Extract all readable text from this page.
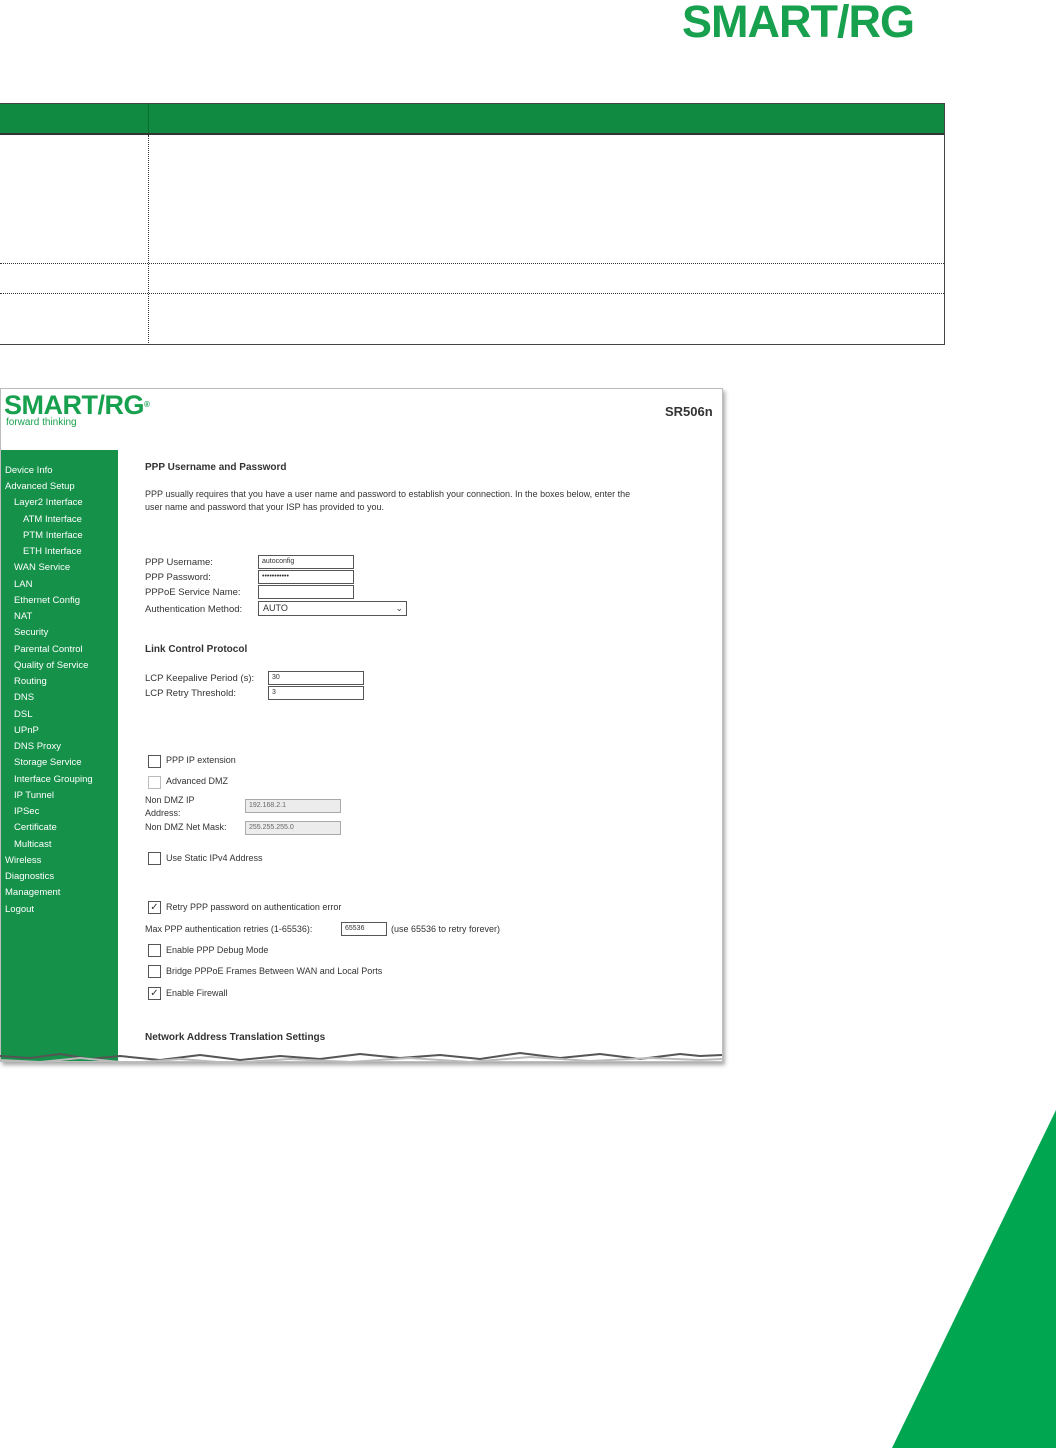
SMART/RG
SMART/RG®
forward thinking
SR506n
Device Info
Advanced Setup
Layer2 Interface
ATM Interface
PTM Interface
ETH Interface
WAN Service
LAN
Ethernet Config
NAT
Security
Parental Control
Quality of Service
Routing
DNS
DSL
UPnP
DNS Proxy
Storage Service
Interface Grouping
IP Tunnel
IPSec
Certificate
Multicast
Wireless
Diagnostics
Management
Logout
PPP Username and Password
PPP usually requires that you have a user name and password to establish your connection. In the boxes below, enter the
user name and password that your ISP has provided to you.
PPP Username:	autoconfig
PPP Password:	•••••••••••
PPPoE Service Name:
Authentication Method:	AUTO	⌄
Link Control Protocol
LCP Keepalive Period (s):	30
LCP Retry Threshold:	3
PPP IP extension
Advanced DMZ
Non DMZ IP
Address:
192.168.2.1
Non DMZ Net Mask:	255.255.255.0
Use Static IPv4 Address
✓ Retry PPP password on authentication error
Max PPP authentication retries (1-65536):	65536	(use 65536 to retry forever)
Enable PPP Debug Mode
Bridge PPPoE Frames Between WAN and Local Ports
✓ Enable Firewall
Network Address Translation Settings
